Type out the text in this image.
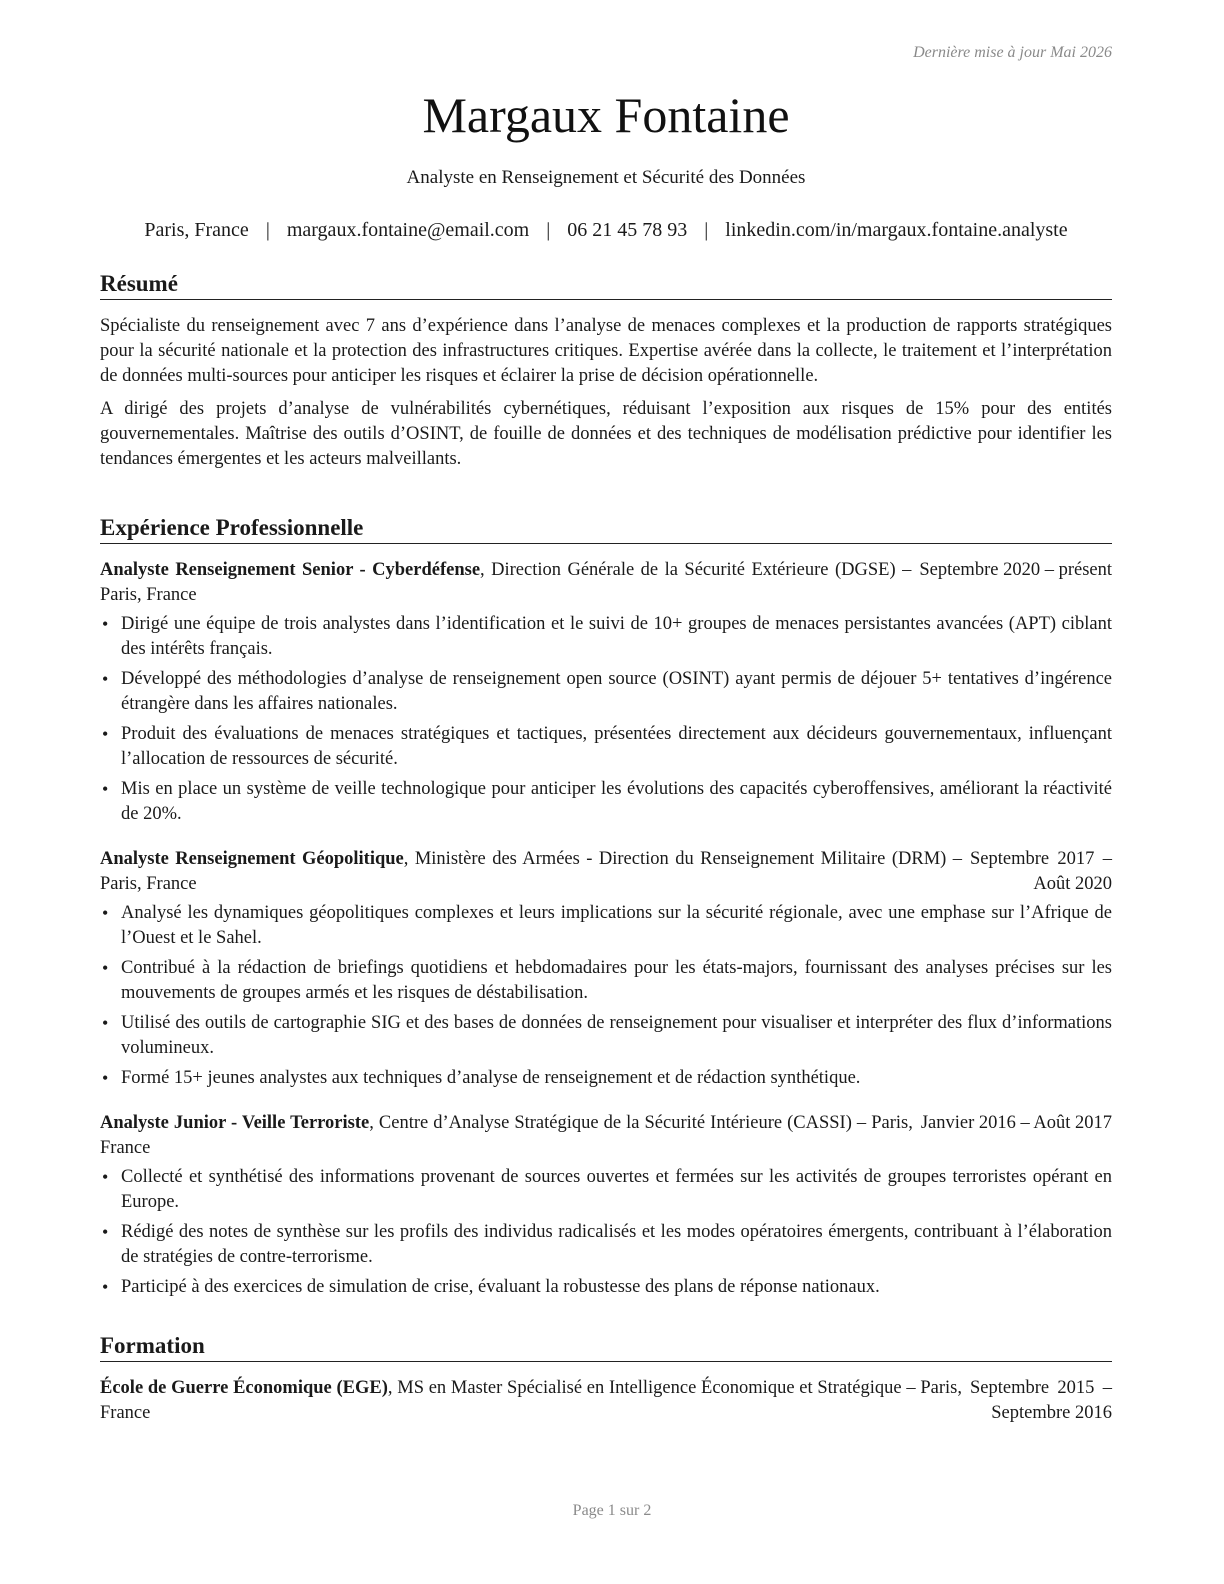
Dernière mise à jour Mai 2026
Margaux Fontaine
Analyste en Renseignement et Sécurité des Données
Paris, France | margaux.fontaine@email.com | 06 21 45 78 93 | linkedin.com/in/margaux.fontaine.analyste
Résumé

Spécialiste du renseignement avec 7 ans d’expérience dans l’analyse de menaces complexes et la production de rapports stratégiques pour la sécurité nationale et la protection des infrastructures critiques. Expertise avérée dans la collecte, le traitement et l’interprétation de données multi-sources pour anticiper les risques et éclairer la prise de décision opérationnelle.

A dirigé des projets d’analyse de vulnérabilités cybernétiques, réduisant l’exposition aux risques de 15% pour des entités gouvernementales. Maîtrise des outils d’OSINT, de fouille de données et des techniques de modélisation prédictive pour identifier les tendances émergentes et les acteurs malveillants.

Expérience Professionnelle
Analyste Renseignement Senior - Cyberdéfense, Direction Générale de la Sécurité Extérieure (DGSE) – Paris, France
Septembre 2020 – présent
• Dirigé une équipe de trois analystes dans l’identification et le suivi de 10+ groupes de menaces persistantes avancées (APT) ciblant des intérêts français.
• Développé des méthodologies d’analyse de renseignement open source (OSINT) ayant permis de déjouer 5+ tentatives d’ingérence étrangère dans les affaires nationales.
• Produit des évaluations de menaces stratégiques et tactiques, présentées directement aux décideurs gouvernementaux, influençant l’allocation de ressources de sécurité.
• Mis en place un système de veille technologique pour anticiper les évolutions des capacités cyberoffensives, améliorant la réactivité de 20%.
Analyste Renseignement Géopolitique, Ministère des Armées - Direction du Renseignement Militaire (DRM) – Paris, France
Septembre 2017 – Août 2020
• Analysé les dynamiques géopolitiques complexes et leurs implications sur la sécurité régionale, avec une emphase sur l’Afrique de l’Ouest et le Sahel.
• Contribué à la rédaction de briefings quotidiens et hebdomadaires pour les états-majors, fournissant des analyses précises sur les mouvements de groupes armés et les risques de déstabilisation.
• Utilisé des outils de cartographie SIG et des bases de données de renseignement pour visualiser et interpréter des flux d’informations volumineux.
• Formé 15+ jeunes analystes aux techniques d’analyse de renseignement et de rédaction synthétique.
Analyste Junior - Veille Terroriste, Centre d’Analyse Stratégique de la Sécurité Intérieure (CASSI) – Paris, France
Janvier 2016 – Août 2017
• Collecté et synthétisé des informations provenant de sources ouvertes et fermées sur les activités de groupes terroristes opérant en Europe.
• Rédigé des notes de synthèse sur les profils des individus radicalisés et les modes opératoires émergents, contribuant à l’élaboration de stratégies de contre-terrorisme.
• Participé à des exercices de simulation de crise, évaluant la robustesse des plans de réponse nationaux.
Formation
École de Guerre Économique (EGE), MS en Master Spécialisé en Intelligence Économique et Stratégique – Paris, France
Septembre 2015 – Septembre 2016
Page 1 sur 2
